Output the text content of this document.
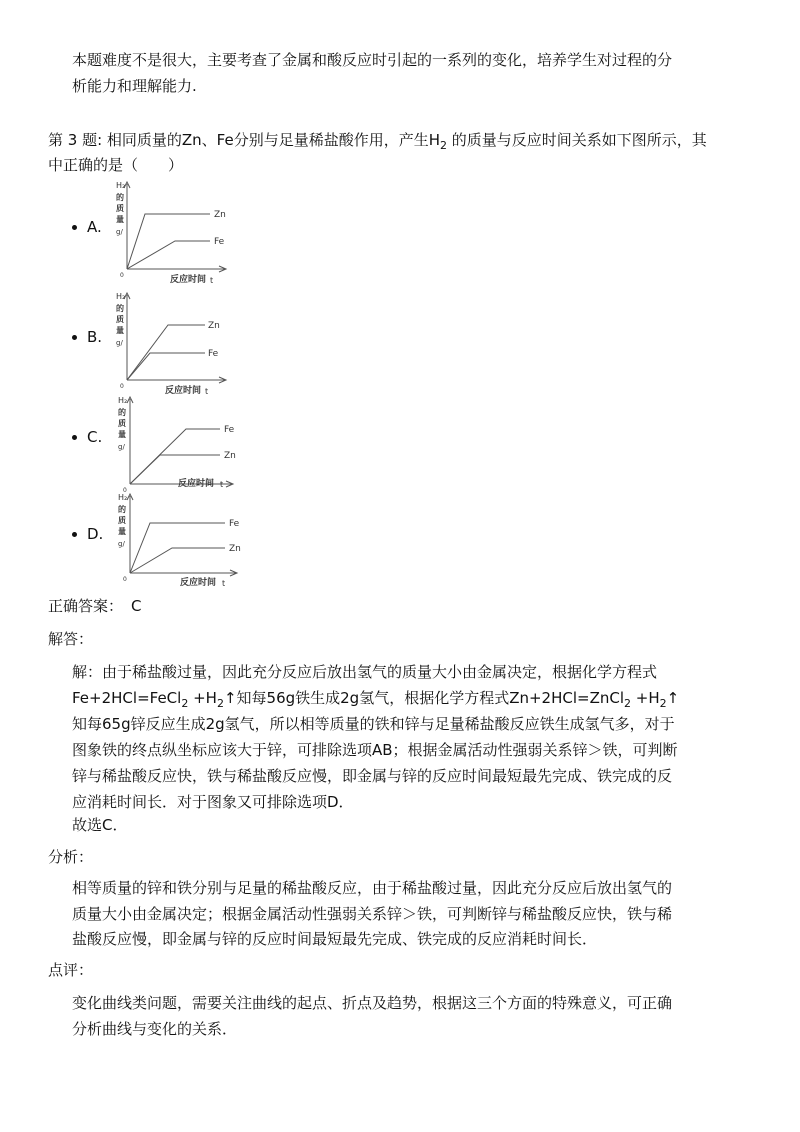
本题难度不是很大，主要考查了金属和酸反应时引起的一系列的变化，培养学生对过程的分
析能力和理解能力.
第 3 题: 相同质量的Zn、Fe分别与足量稀盐酸作用，产生$H_2$ 的质量与反应时间关系如下图所示，其
中正确的是（　　）
A.
H₂
的
质
量
g/
0	反应时间 t
Zn
Fe
B.
H₂
的
质
量
g/
0	反应时间 t
Zn
Fe
C.
H₂
的
质
量
g/
0
反应时间 t
Fe
Zn
D.
H₂
的
质
量
g/
0	反应时间 t
Fe
Zn
正确答案： C
解答：
解：由于稀盐酸过量，因此充分反应后放出氢气的质量大小由金属决定，根据化学方程式
Fe+2HCl=FeCl$_2$ $+H_2↑$知每56g铁生成2g氢气，根据化学方程式Zn+2HCl=ZnCl$_2$ $+H_2↑$
知每65g锌反应生成2g氢气，所以相等质量的铁和锌与足量稀盐酸反应铁生成氢气多，对于
图象铁的终点纵坐标应该大于锌，可排除选项AB；根据金属活动性强弱关系锌＞铁，可判断
锌与稀盐酸反应快，铁与稀盐酸反应慢，即金属与锌的反应时间最短最先完成、铁完成的反
应消耗时间长．对于图象又可排除选项D．
故选C．
分析：
相等质量的锌和铁分别与足量的稀盐酸反应，由于稀盐酸过量，因此充分反应后放出氢气的
质量大小由金属决定；根据金属活动性强弱关系锌＞铁，可判断锌与稀盐酸反应快，铁与稀
盐酸反应慢，即金属与锌的反应时间最短最先完成、铁完成的反应消耗时间长．
点评：
变化曲线类问题，需要关注曲线的起点、折点及趋势，根据这三个方面的特殊意义，可正确
分析曲线与变化的关系．
